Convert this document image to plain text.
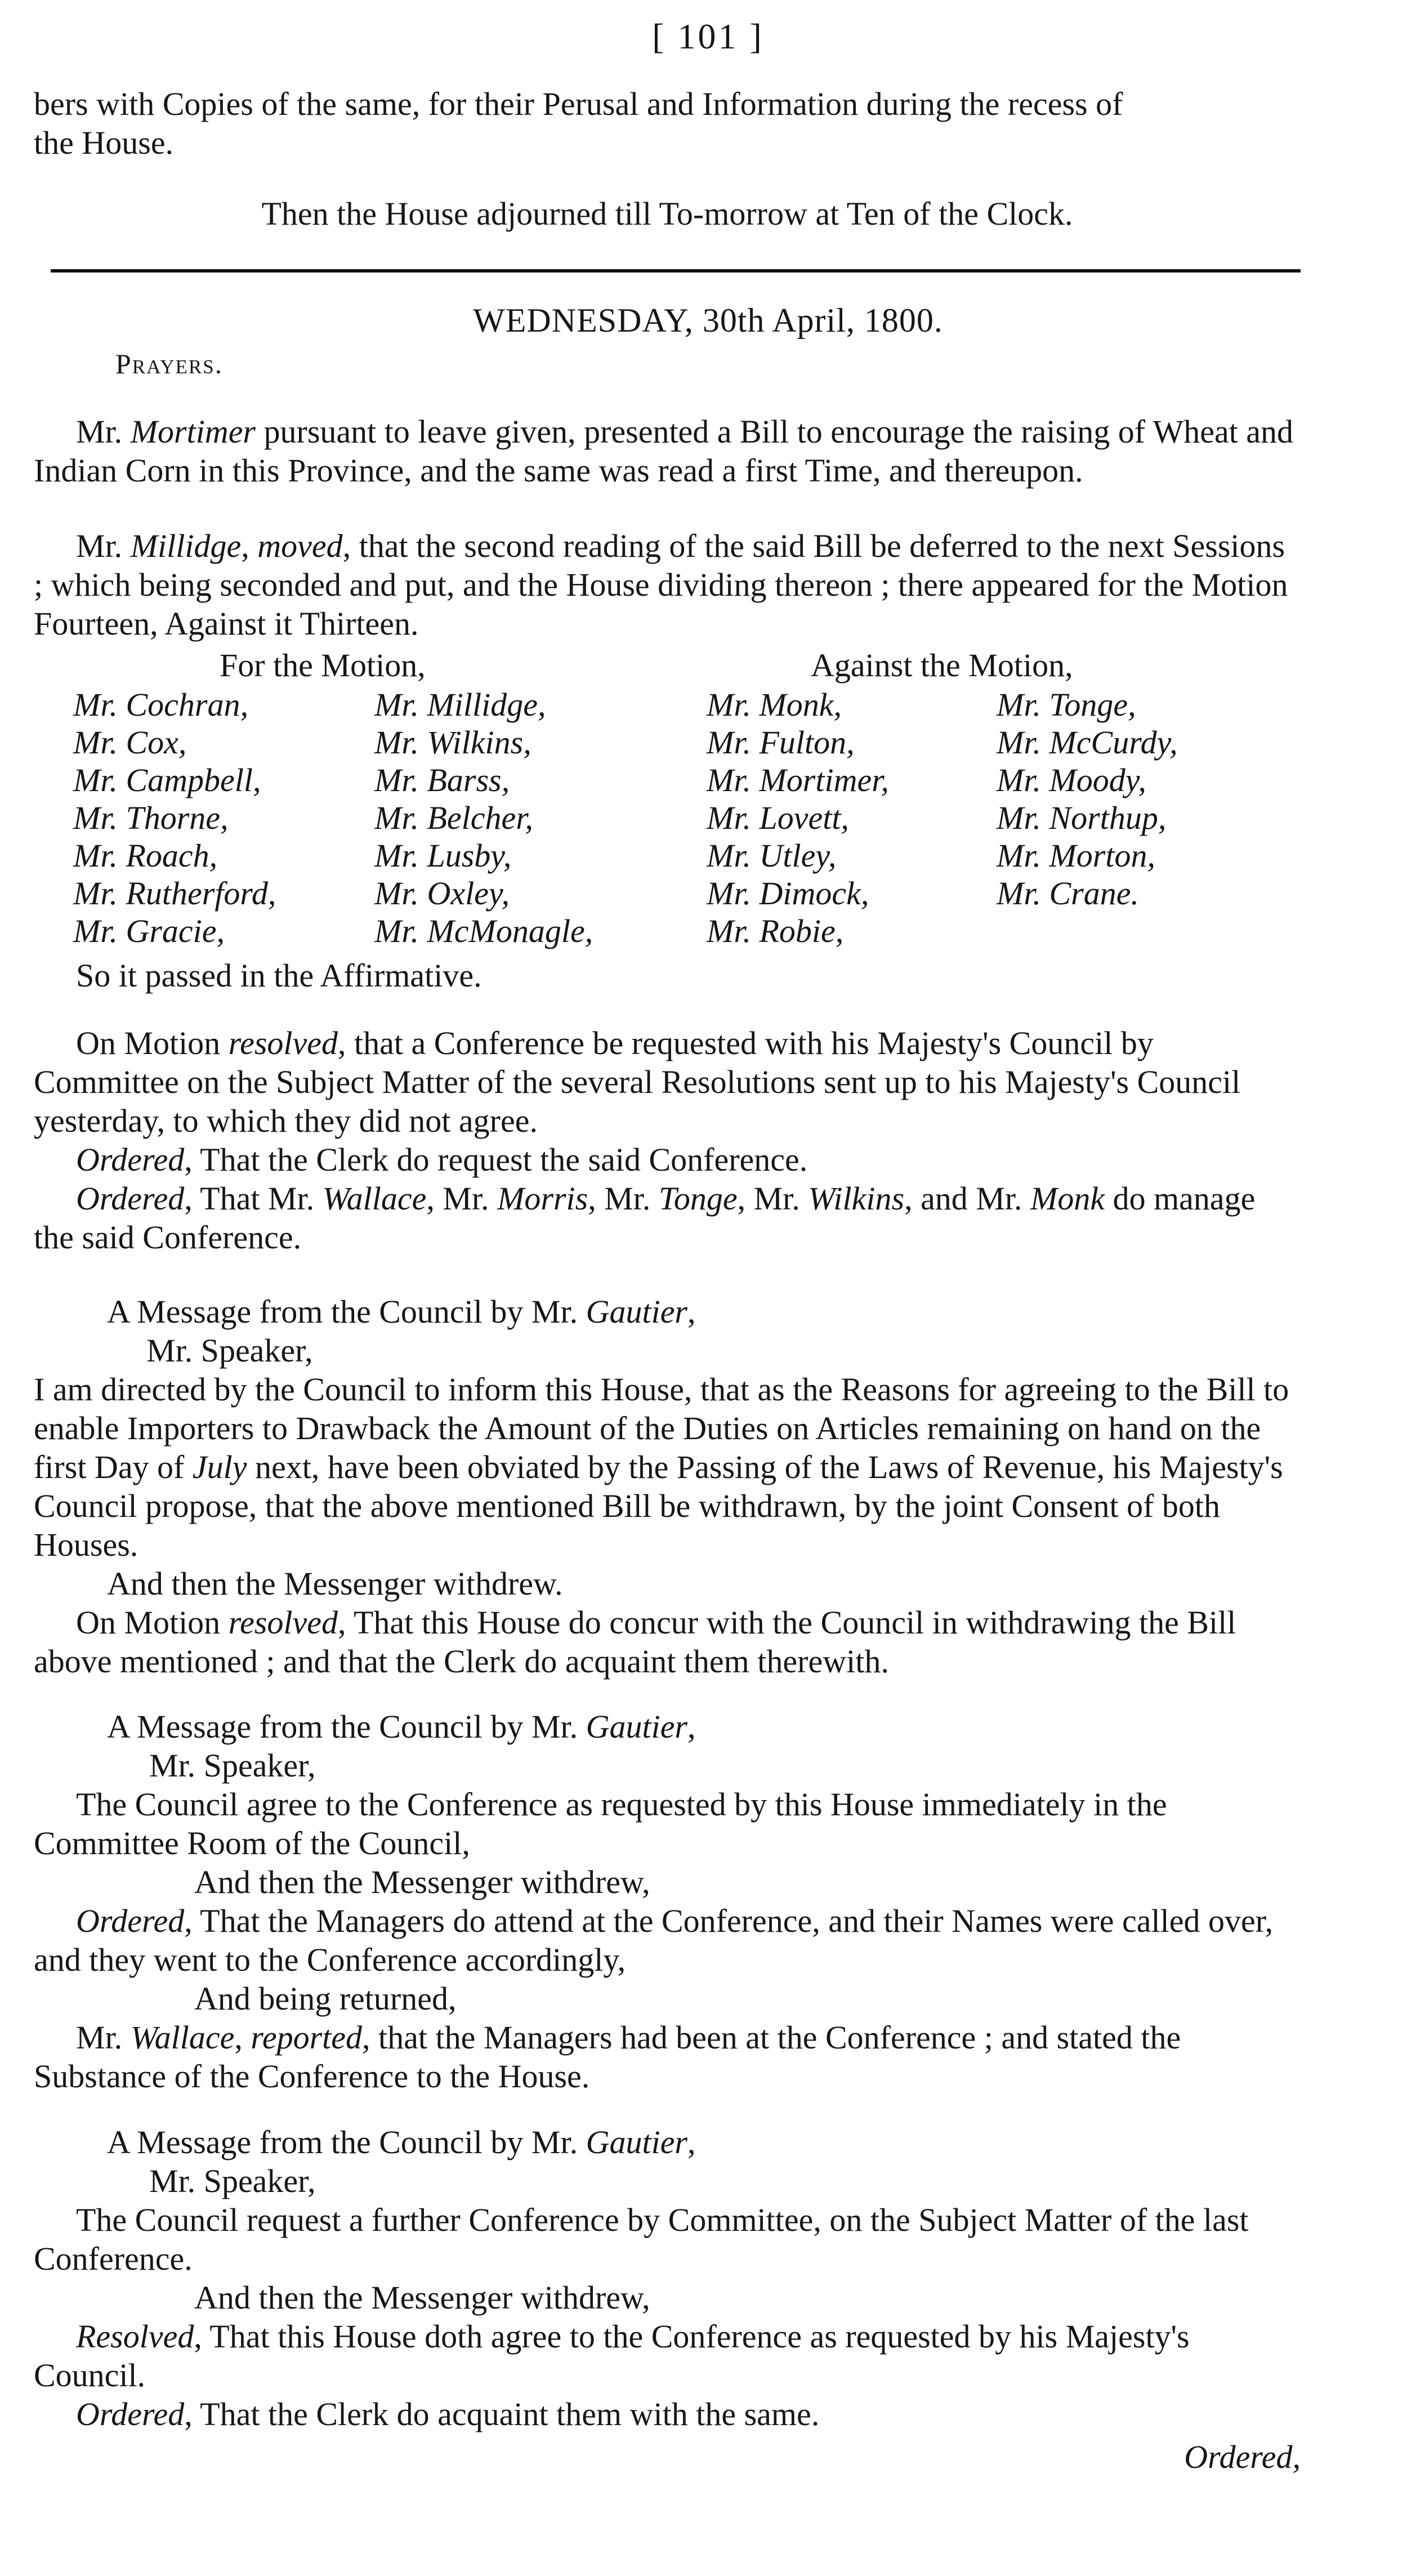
[ 101 ]

bers with Copies of the same, for their Perusal and Information during the recess of

the House.

Then the House adjourned till To-morrow at Ten of the Clock.
WEDNESDAY, 30th April, 1800.
Prayers.

Mr. Mortimer pursuant to leave given, presented a Bill to encourage the raising of Wheat and Indian Corn in this Province, and the same was read a first Time, and thereupon.

Mr. Millidge, moved, that the second reading of the said Bill be deferred to the next Sessions ; which being seconded and put, and the House dividing thereon ; there appeared for the Motion Fourteen, Against it Thirteen.

For the Motion,	Against the Motion,
Mr. Cochran,
Mr. Cox,
Mr. Campbell,
Mr. Thorne,
Mr. Roach,
Mr. Rutherford,
Mr. Gracie,
Mr. Millidge,
Mr. Wilkins,
Mr. Barss,
Mr. Belcher,
Mr. Lusby,
Mr. Oxley,
Mr. McMonagle,
Mr. Monk,
Mr. Fulton,
Mr. Mortimer,
Mr. Lovett,
Mr. Utley,
Mr. Dimock,
Mr. Robie,
Mr. Tonge,
Mr. McCurdy,
Mr. Moody,
Mr. Northup,
Mr. Morton,
Mr. Crane.
So it passed in the Affirmative.

On Motion resolved, that a Conference be requested with his Majesty's Council by Committee on the Subject Matter of the several Resolutions sent up to his Majesty's Council yesterday, to which they did not agree.

Ordered, That the Clerk do request the said Conference.

Ordered, That Mr. Wallace, Mr. Morris, Mr. Tonge, Mr. Wilkins, and Mr. Monk do manage the said Conference.

A Message from the Council by Mr. Gautier,

Mr. Speaker,

I am directed by the Council to inform this House, that as the Reasons for agreeing to the Bill to enable Importers to Drawback the Amount of the Duties on Articles remaining on hand on the first Day of July next, have been obviated by the Passing of the Laws of Revenue, his Majesty's Council propose, that the above mentioned Bill be withdrawn, by the joint Consent of both Houses.

And then the Messenger withdrew.

On Motion resolved, That this House do concur with the Council in withdrawing the Bill above mentioned ; and that the Clerk do acquaint them therewith.

A Message from the Council by Mr. Gautier,

Mr. Speaker,

The Council agree to the Conference as requested by this House immediately in the Committee Room of the Council,

And then the Messenger withdrew,

Ordered, That the Managers do attend at the Conference, and their Names were called over, and they went to the Conference accordingly,

And being returned,

Mr. Wallace, reported, that the Managers had been at the Conference ; and stated the Substance of the Conference to the House.

A Message from the Council by Mr. Gautier,

Mr. Speaker,

The Council request a further Conference by Committee, on the Subject Matter of the last Conference.

And then the Messenger withdrew,

Resolved, That this House doth agree to the Conference as requested by his Majesty's Council.

Ordered, That the Clerk do acquaint them with the same.

Ordered,
